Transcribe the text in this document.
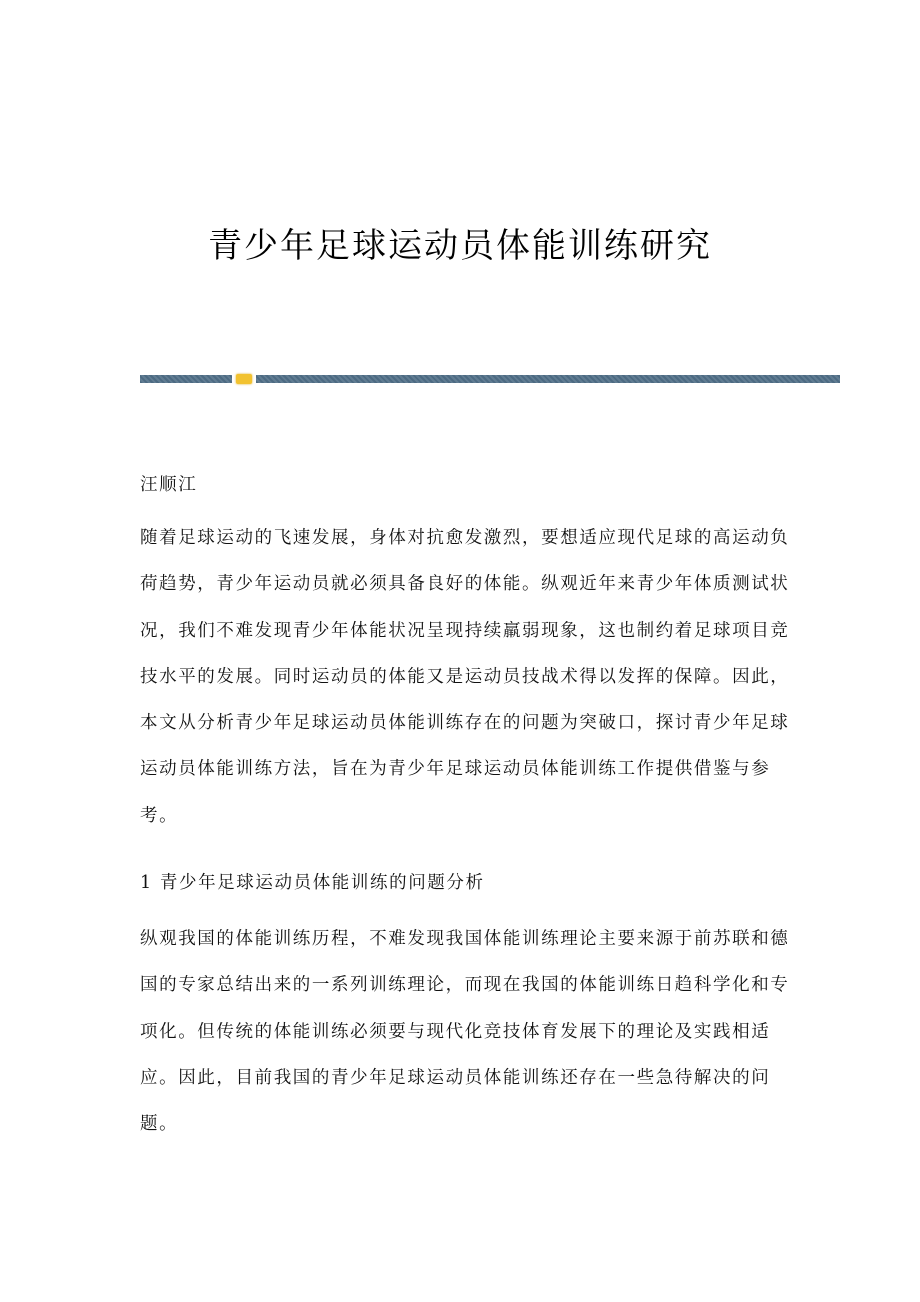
青少年足球运动员体能训练研究
汪顺江
随着足球运动的飞速发展，身体对抗愈发激烈，要想适应现代足球的高运动负
荷趋势，青少年运动员就必须具备良好的体能。纵观近年来青少年体质测试状
况，我们不难发现青少年体能状况呈现持续羸弱现象，这也制约着足球项目竞
技水平的发展。同时运动员的体能又是运动员技战术得以发挥的保障。因此，
本文从分析青少年足球运动员体能训练存在的问题为突破口，探讨青少年足球
运动员体能训练方法，旨在为青少年足球运动员体能训练工作提供借鉴与参
考。
1 青少年足球运动员体能训练的问题分析
纵观我国的体能训练历程，不难发现我国体能训练理论主要来源于前苏联和德
国的专家总结出来的一系列训练理论，而现在我国的体能训练日趋科学化和专
项化。但传统的体能训练必须要与现代化竞技体育发展下的理论及实践相适
应。因此，目前我国的青少年足球运动员体能训练还存在一些急待解决的问
题。
